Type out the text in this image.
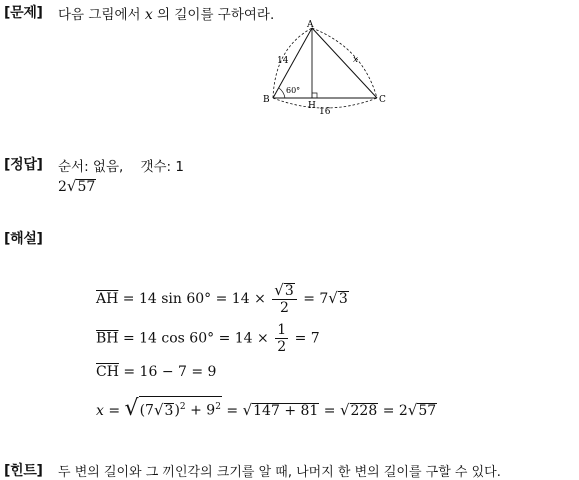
[문제] 다음 그림에서 x 의 길이를 구하여라.
A
B	C
H
14	x
16
60°
[정답] 순서: 없음, 갯수: 1
2√57
[해설]
$\overline{AH} = 14$ $\sin 60^\circ = 14 \times \frac{√3}{2} = 7√3$
$\overline{BH} = 14$ $\cos 60^\circ = 14 \times \frac{1}{2} = 7$
$\overline{CH} = 16 - 7 = 9$
$x = √(7√3)^2 + 9^2 = √147 + 81 = √228 = 2√57$
[힌트] 두 변의 길이와 그 끼인각의 크기를 알 때, 나머지 한 변의 길이를 구할 수 있다.
